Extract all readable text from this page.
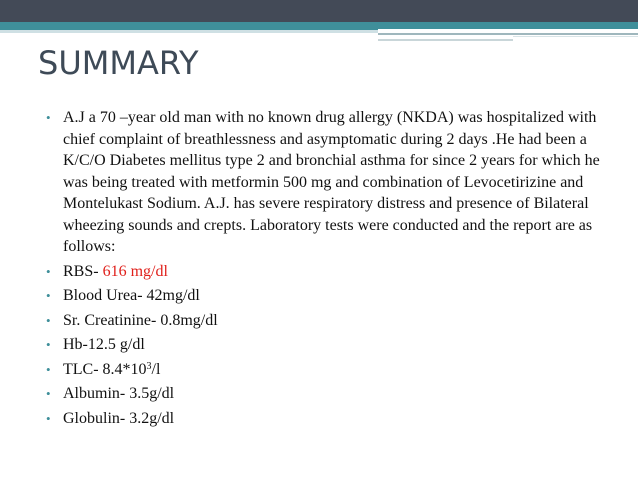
SUMMARY
• A.J a 70 –year old man with no known drug allergy (NKDA) was hospitalized with chief complaint of breathlessness and asymptomatic during 2 days .He had been a K/C/O Diabetes mellitus type 2 and bronchial asthma for since 2 years for which he was being treated with metformin 500 mg and combination of Levocetirizine and Montelukast Sodium. A.J. has severe respiratory distress and presence of Bilateral wheezing sounds and crepts. Laboratory tests were conducted and the report are as follows:
• RBS- 616 mg/dl
• Blood Urea- 42mg/dl
• Sr. Creatinine- 0.8mg/dl
• Hb-12.5 g/dl
• TLC- $8.4*10^3/l$
• Albumin- 3.5g/dl
• Globulin- 3.2g/dl
